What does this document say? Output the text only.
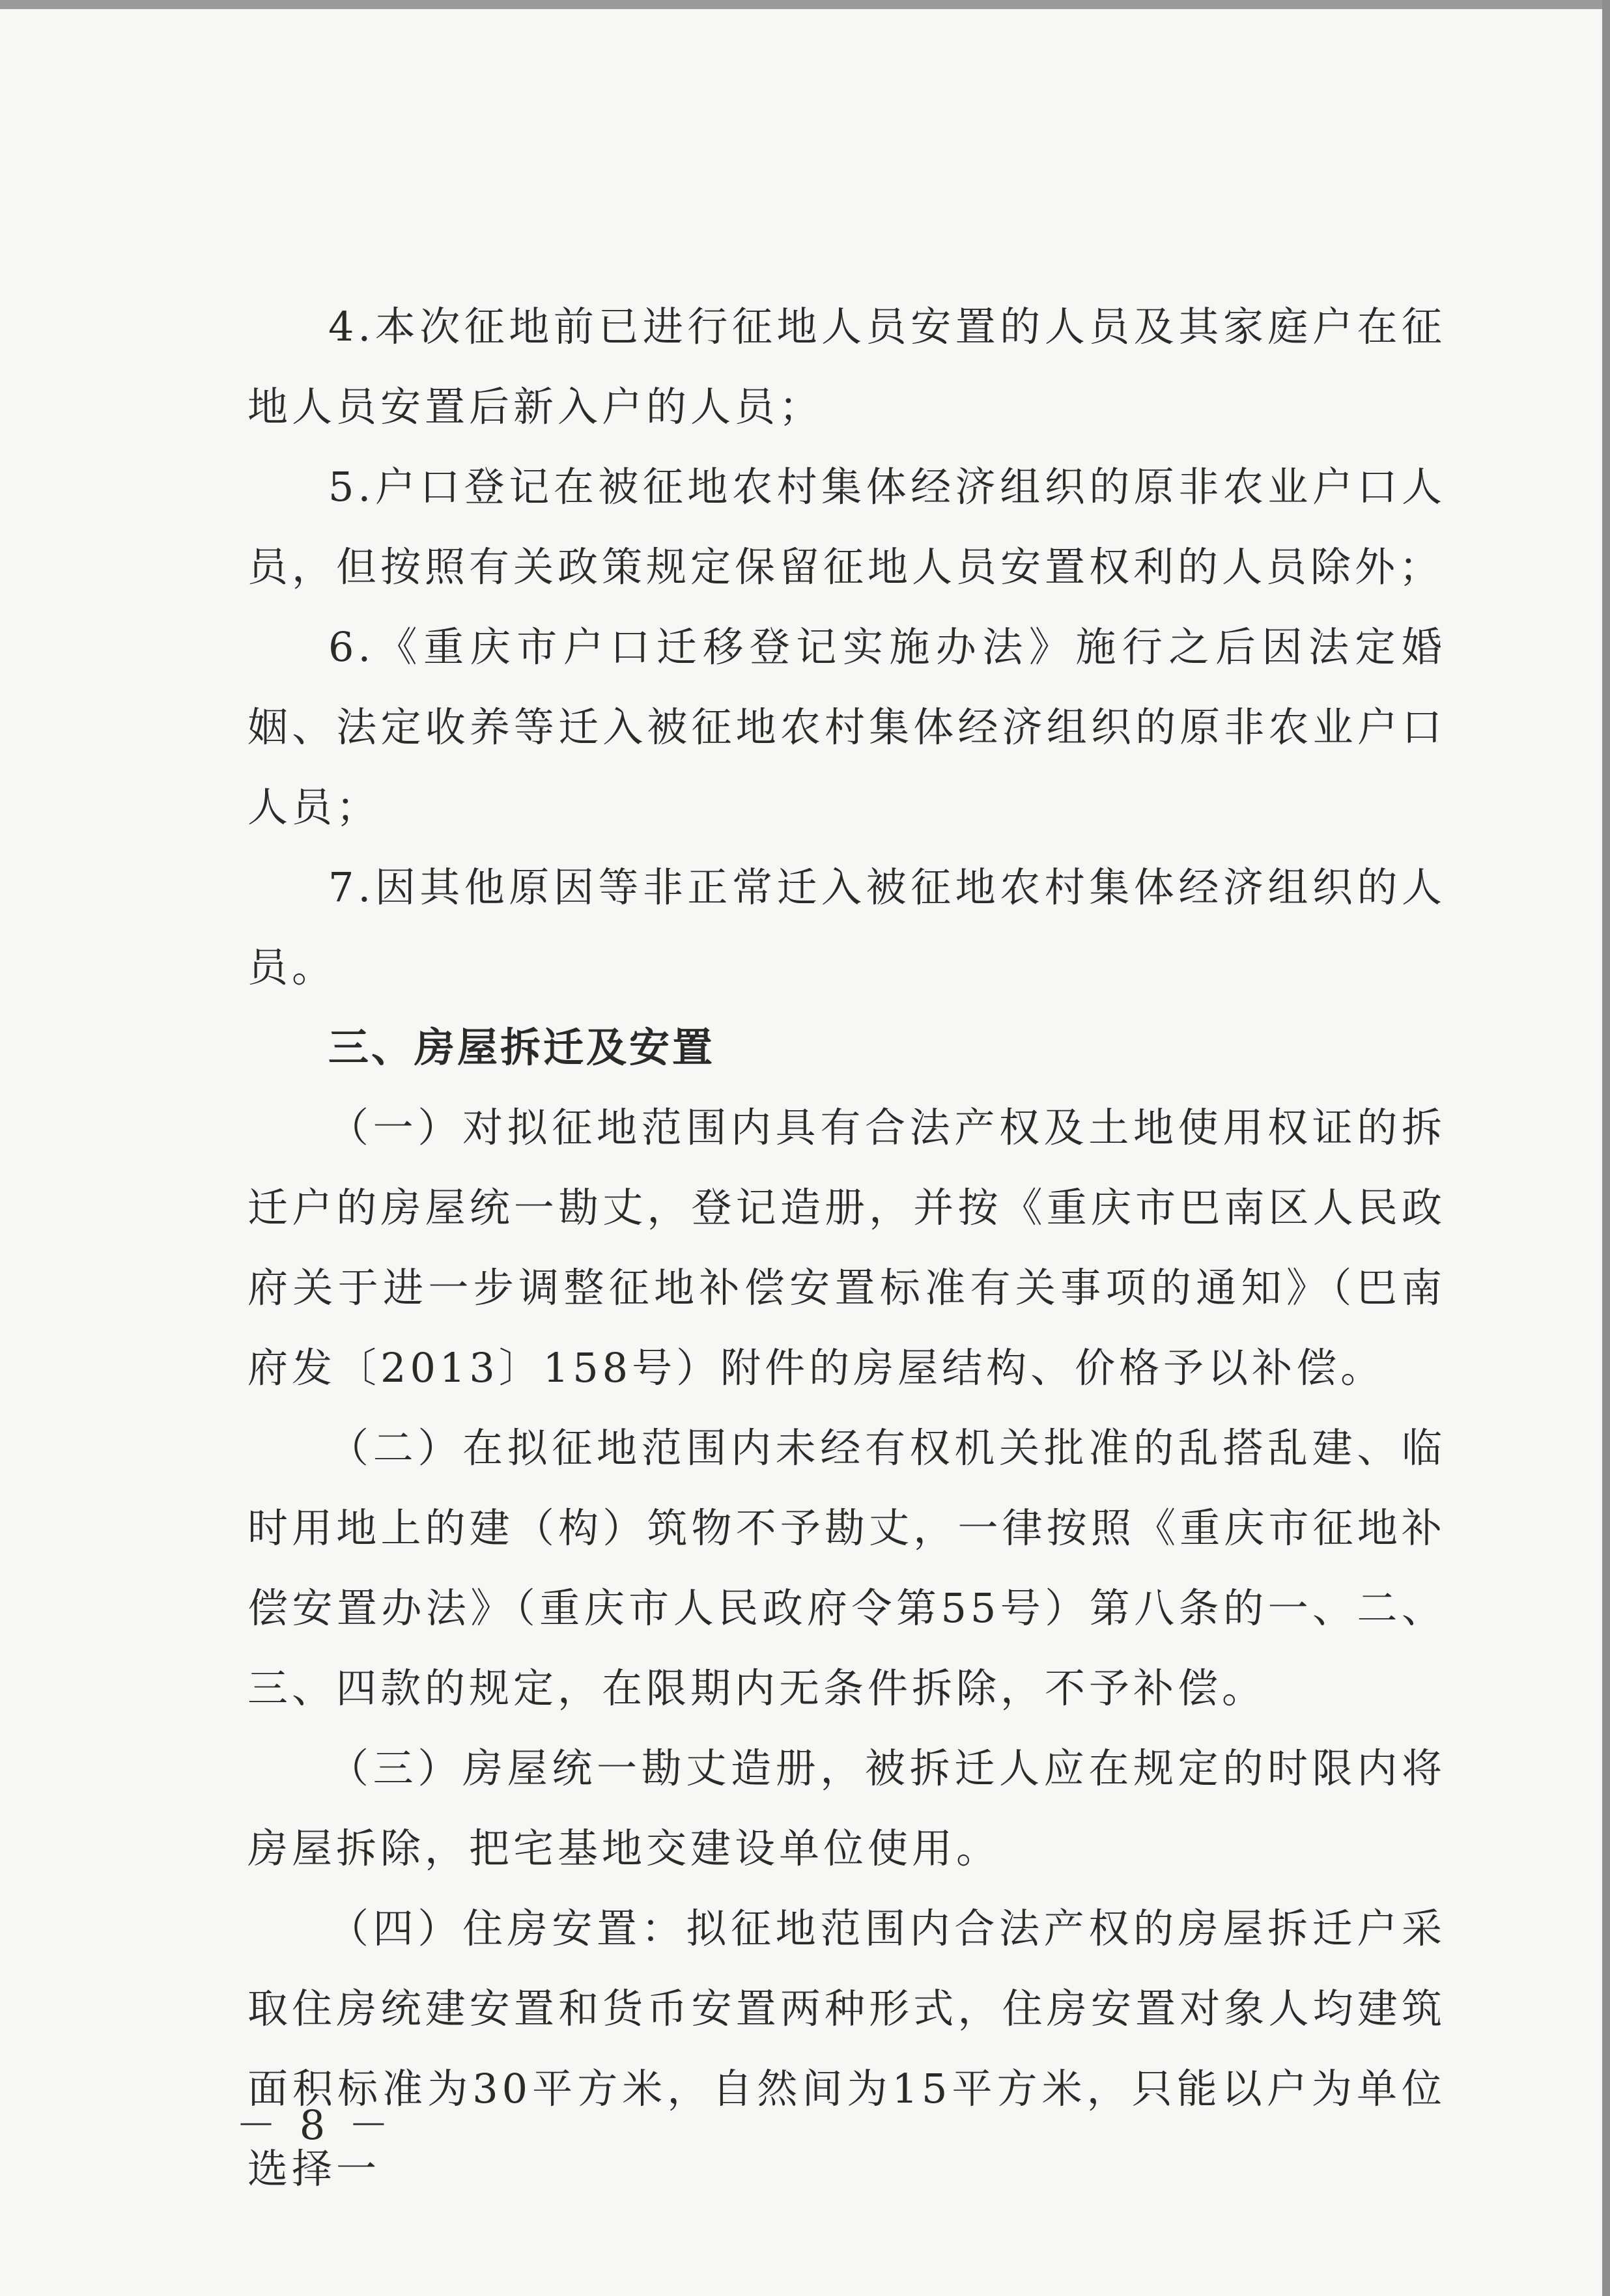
4.本次征地前已进行征地人员安置的人员及其家庭户在征地人员安置后新入户的人员；

5.户口登记在被征地农村集体经济组织的原非农业户口人员，但按照有关政策规定保留征地人员安置权利的人员除外；

6.《重庆市户口迁移登记实施办法》施行之后因法定婚姻、法定收养等迁入被征地农村集体经济组织的原非农业户口人员；

7.因其他原因等非正常迁入被征地农村集体经济组织的人员。

三、房屋拆迁及安置

（一）对拟征地范围内具有合法产权及土地使用权证的拆迁户的房屋统一勘丈，登记造册，并按《重庆市巴南区人民政府关于进一步调整征地补偿安置标准有关事项的通知》（巴南府发〔2013〕158号）附件的房屋结构、价格予以补偿。

（二）在拟征地范围内未经有权机关批准的乱搭乱建、临时用地上的建（构）筑物不予勘丈，一律按照《重庆市征地补偿安置办法》（重庆市人民政府令第55号）第八条的一、二、三、四款的规定，在限期内无条件拆除，不予补偿。

（三）房屋统一勘丈造册，被拆迁人应在规定的时限内将房屋拆除，把宅基地交建设单位使用。

（四）住房安置：拟征地范围内合法产权的房屋拆迁户采取住房统建安置和货币安置两种形式，住房安置对象人均建筑面积标准为30平方米，自然间为15平方米，只能以户为单位选择一

－ 8 －
